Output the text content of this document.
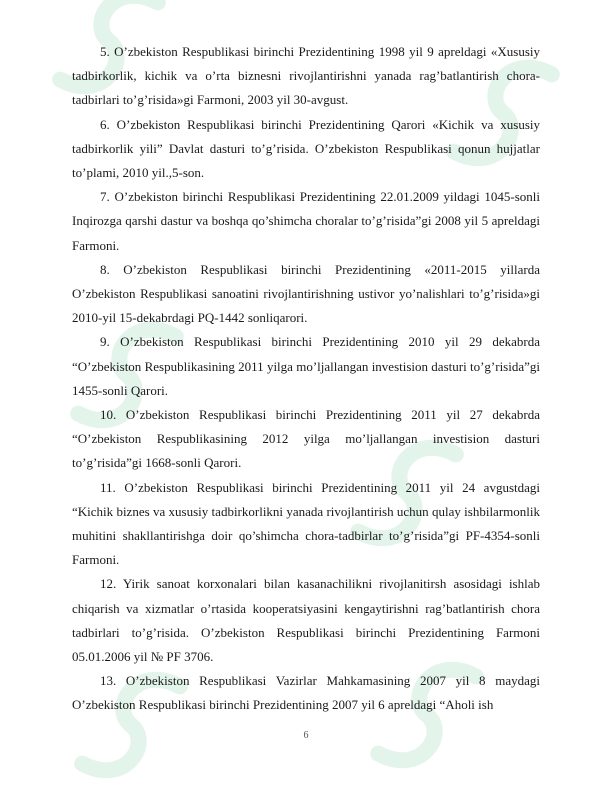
5. O’zbekiston Respublikasi birinchi Prezidentining 1998 yil 9 apreldagi «Xususiy tadbirkorlik, kichik va o’rta biznesni rivojlantirishni yanada rag’batlantirish chora-tadbirlari to’g’risida»gi Farmoni, 2003 yil 30-avgust.

6. O’zbekiston Respublikasi birinchi Prezidentining Qarori «Kichik va xususiy tadbirkorlik yili” Davlat dasturi to’g’risida. O’zbekiston Respublikasi qonun hujjatlar to’plami, 2010 yil.,5-son.

7. O’zbekiston birinchi Respublikasi Prezidentining 22.01.2009 yildagi 1045-sonli Inqirozga qarshi dastur va boshqa qo’shimcha choralar to’g’risida”gi 2008 yil 5 apreldagi Farmoni.

8. O’zbekiston Respublikasi birinchi Prezidentining «2011-2015 yillarda O’zbekiston Respublikasi sanoatini rivojlantirishning ustivor yo’nalishlari to’g’risida»gi 2010-yil 15-dekabrdagi PQ-1442 sonliqarori.

9. O’zbekiston Respublikasi birinchi Prezidentining 2010 yil 29 dekabrda “O’zbekiston Respublikasining 2011 yilga mo’ljallangan investision dasturi to’g’risida”gi 1455-sonli Qarori.

10. O’zbekiston Respublikasi birinchi Prezidentining 2011 yil 27 dekabrda “O’zbekiston Respublikasining 2012 yilga mo’ljallangan investision dasturi to’g’risida”gi 1668-sonli Qarori.

11. O’zbekiston Respublikasi birinchi Prezidentining 2011 yil 24 avgustdagi “Kichik biznes va xususiy tadbirkorlikni yanada rivojlantirish uchun qulay ishbilarmonlik muhitini shakllantirishga doir qo’shimcha chora-tadbirlar to’g’risida”gi PF-4354-sonli Farmoni.

12. Yirik sanoat korxonalari bilan kasanachilikni rivojlanitirsh asosidagi ishlab chiqarish va xizmatlar o’rtasida kooperatsiyasini kengaytirishni rag’batlantirish chora tadbirlari to’g’risida. O’zbekiston Respublikasi birinchi Prezidentining Farmoni 05.01.2006 yil № PF 3706.

13. O’zbekiston Respublikasi Vazirlar Mahkamasining 2007 yil 8 maydagi O’zbekiston Respublikasi birinchi Prezidentining 2007 yil 6 apreldagi “Aholi ish

6
